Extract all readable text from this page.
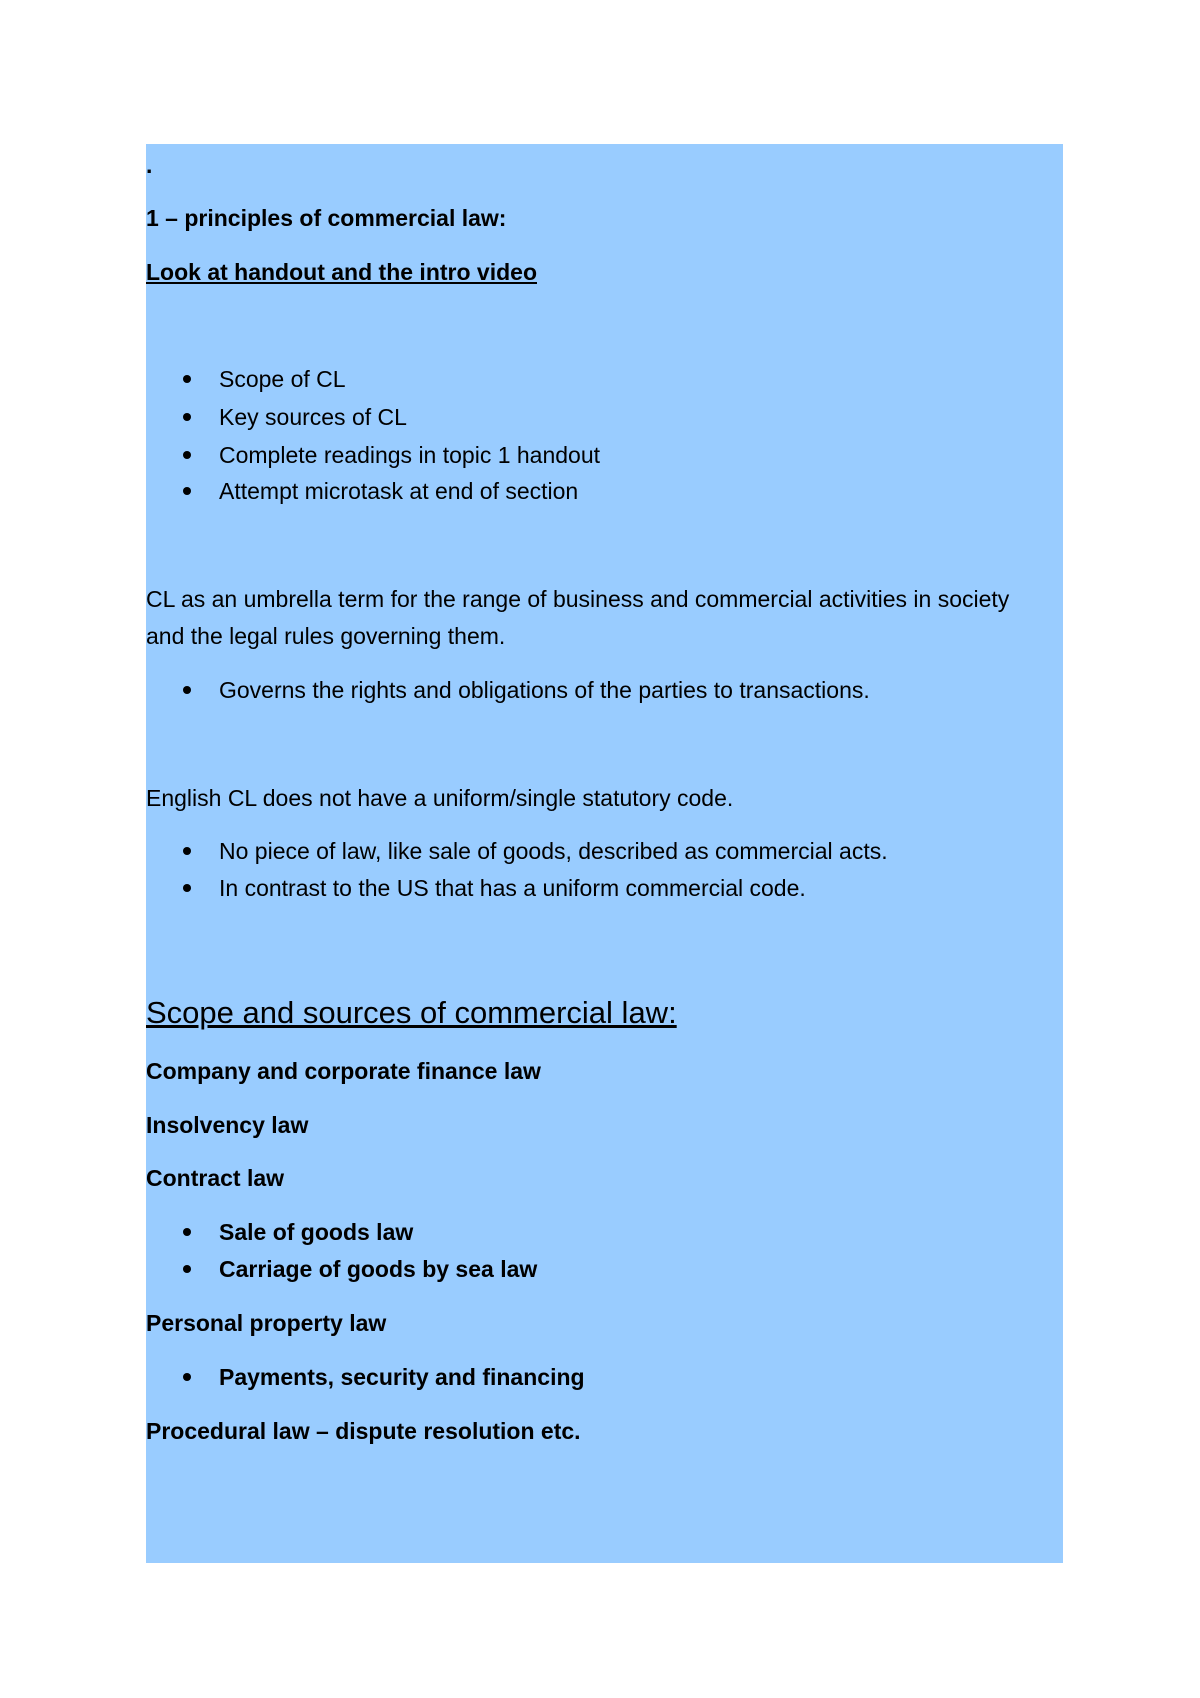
.
1 – principles of commercial law:
Look at handout and the intro video
Scope of CL
Key sources of CL
Complete readings in topic 1 handout
Attempt microtask at end of section
CL as an umbrella term for the range of business and commercial activities in society and the legal rules governing them.
Governs the rights and obligations of the parties to transactions.
English CL does not have a uniform/single statutory code.
No piece of law, like sale of goods, described as commercial acts.
In contrast to the US that has a uniform commercial code.
Scope and sources of commercial law:
Company and corporate finance law
Insolvency law
Contract law
Sale of goods law
Carriage of goods by sea law
Personal property law
Payments, security and financing
Procedural law – dispute resolution etc.
